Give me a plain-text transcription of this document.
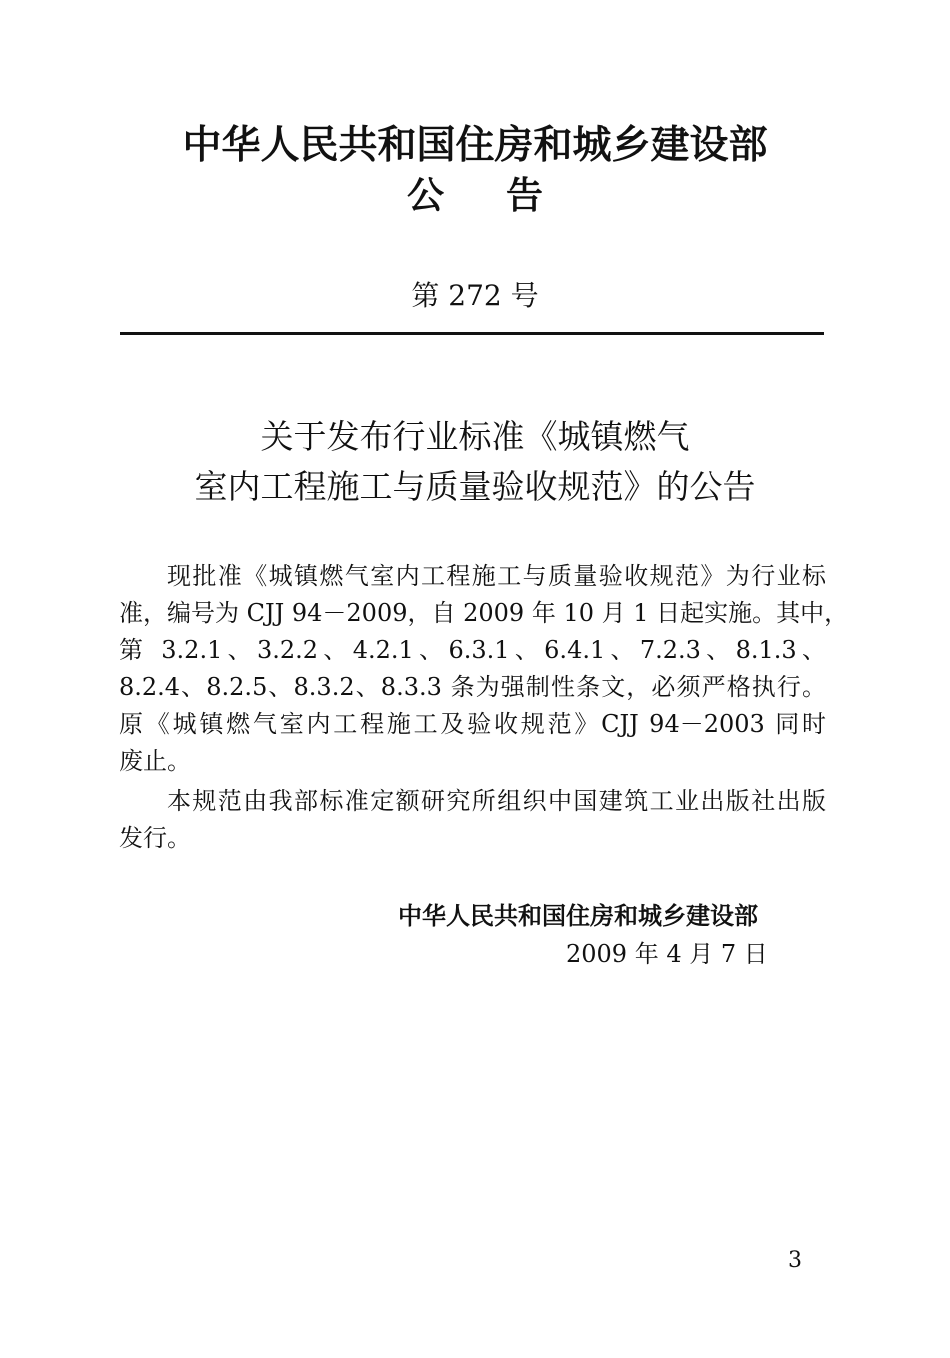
中华人民共和国住房和城乡建设部
公 告
第 272 号
关于发布行业标准《城镇燃气
室内工程施工与质量验收规范》的公告
现批准《城镇燃气室内工程施工与质量验收规范》为行业标
准，编号为 CJJ 94－2009，自 2009 年 10 月 1 日起实施。其中，
第 3.2.1、3.2.2、4.2.1、6.3.1、6.4.1、7.2.3、8.1.3、
8.2.4、8.2.5、8.3.2、8.3.3 条为强制性条文，必须严格执行。
原《城镇燃气室内工程施工及验收规范》CJJ 94－2003 同时
废止。
本规范由我部标准定额研究所组织中国建筑工业出版社出版
发行。
中华人民共和国住房和城乡建设部
2009 年 4 月 7 日
3
